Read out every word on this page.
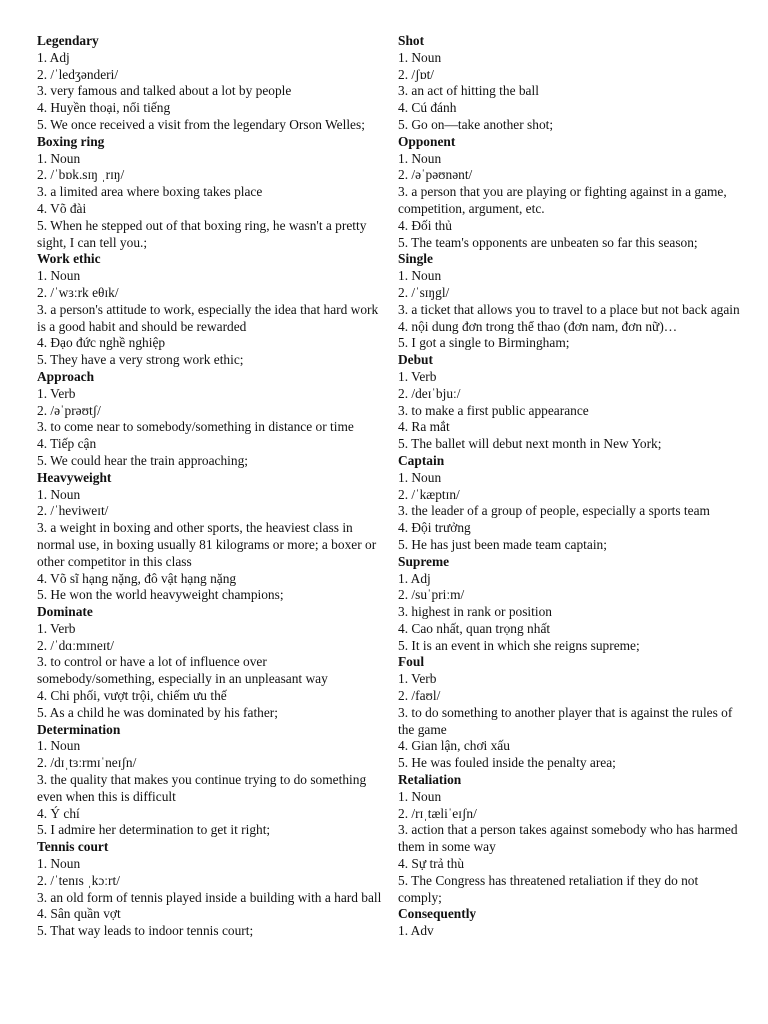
Legendary
1. Adj
2. /ˈledʒənderi/
3. very famous and talked about a lot by people
4. Huyền thoại, nổi tiếng
5. We once received a visit from the legendary Orson Welles;
Boxing ring
1. Noun
2. /ˈbɒk.sɪŋ ˌrɪŋ/
3. a limited area where boxing takes place
4. Võ đài
5. When he stepped out of that boxing ring, he wasn't a pretty sight, I can tell you.;
Work ethic
1. Noun
2. /ˈwɜːrk eθɪk/
3. a person's attitude to work, especially the idea that hard work is a good habit and should be rewarded
4. Đạo đức nghề nghiệp
5. They have a very strong work ethic;
Approach
1. Verb
2. /əˈprəʊtʃ/
3. to come near to somebody/something in distance or time
4. Tiếp cận
5. We could hear the train approaching;
Heavyweight
1. Noun
2. /ˈheviweɪt/
3. a weight in boxing and other sports, the heaviest class in normal use, in boxing usually 81 kilograms or more; a boxer or other competitor in this class
4. Võ sĩ hạng nặng, đô vật hạng nặng
5. He won the world heavyweight champions;
Dominate
1. Verb
2. /ˈdɑːmɪneɪt/
3. to control or have a lot of influence over somebody/something, especially in an unpleasant way
4. Chi phối, vượt trội, chiếm ưu thế
5. As a child he was dominated by his father;
Determination
1. Noun
2. /dɪˌtɜːrmɪˈneɪʃn/
3. the quality that makes you continue trying to do something even when this is difficult
4. Ý chí
5. I admire her determination to get it right;
Tennis court
1. Noun
2. /ˈtenɪs ˌkɔːrt/
3. an old form of tennis played inside a building with a hard ball
4. Sân quần vợt
5. That way leads to indoor tennis court;
Shot
1. Noun
2. /ʃɒt/
3. an act of hitting the ball
4. Cú đánh
5. Go on—take another shot;
Opponent
1. Noun
2. /əˈpəʊnənt/
3. a person that you are playing or fighting against in a game, competition, argument, etc.
4. Đối thủ
5. The team's opponents are unbeaten so far this season;
Single
1. Noun
2. /ˈsɪŋgl/
3. a ticket that allows you to travel to a place but not back again
4. nội dung đơn trong thể thao (đơn nam, đơn nữ)…
5. I got a single to Birmingham;
Debut
1. Verb
2. /deɪˈbjuː/
3. to make a first public appearance
4. Ra mắt
5. The ballet will debut next month in New York;
Captain
1. Noun
2. /ˈkæptɪn/
3. the leader of a group of people, especially a sports team
4. Đội trưởng
5. He has just been made team captain;
Supreme
1. Adj
2. /suˈpriːm/
3. highest in rank or position
4. Cao nhất, quan trọng nhất
5. It is an event in which she reigns supreme;
Foul
1. Verb
2. /faʊl/
3. to do something to another player that is against the rules of the game
4. Gian lận, chơi xấu
5. He was fouled inside the penalty area;
Retaliation
1. Noun
2. /rɪˌtæliˈeɪʃn/
3. action that a person takes against somebody who has harmed them in some way
4. Sự trả thù
5. The Congress has threatened retaliation if they do not comply;
Consequently
1. Adv
